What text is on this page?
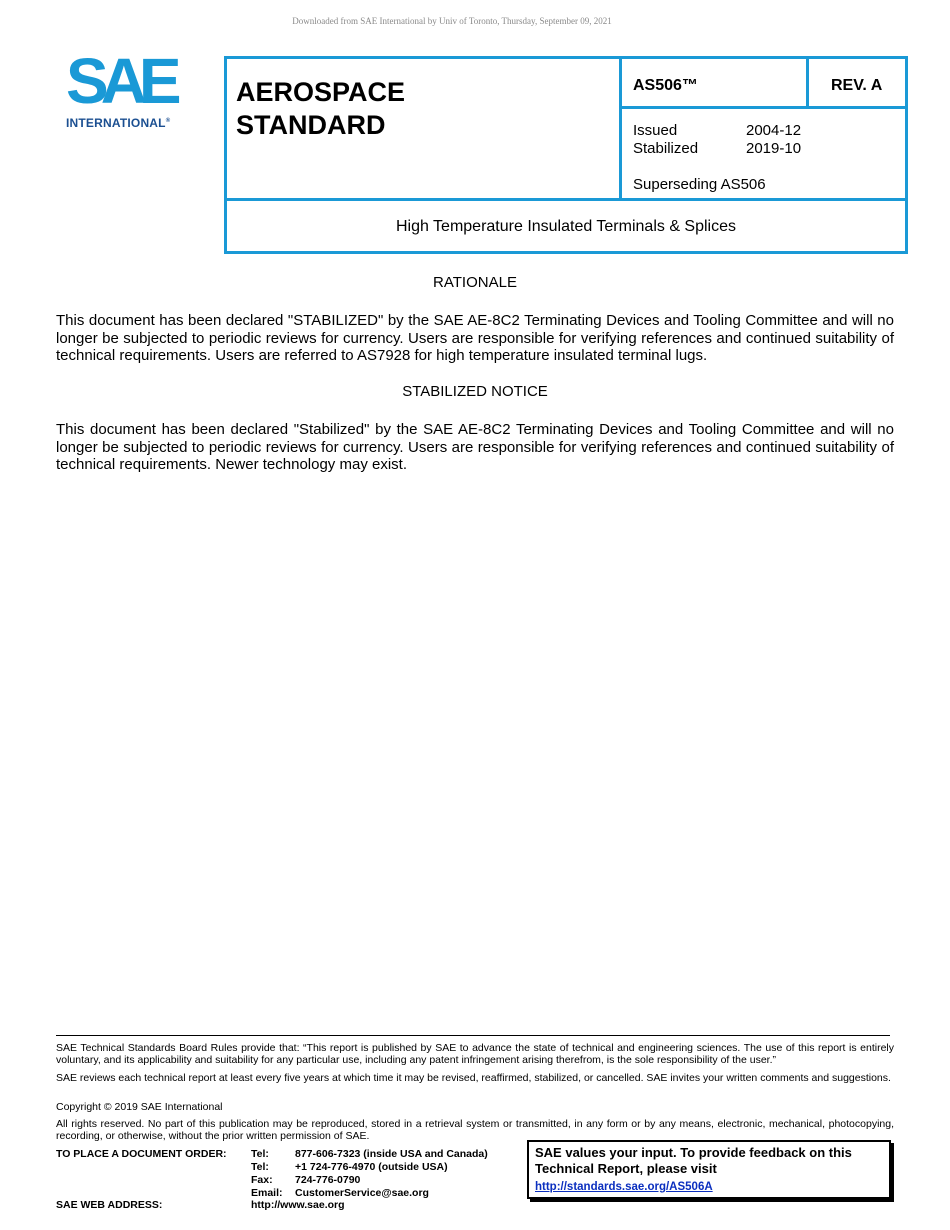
Downloaded from SAE International by Univ of Toronto, Thursday, September 09, 2021
SAE
INTERNATIONAL®
AEROSPACE
STANDARD
AS506™	REV. A
Issued	2004-12
Stabilized	2019-10
Superseding AS506
High Temperature Insulated Terminals & Splices
RATIONALE
This document has been declared "STABILIZED" by the SAE AE-8C2 Terminating Devices and Tooling Committee and will no longer be subjected to periodic reviews for currency. Users are responsible for verifying references and continued suitability of technical requirements. Users are referred to AS7928 for high temperature insulated terminal lugs.
STABILIZED NOTICE
This document has been declared "Stabilized" by the SAE AE-8C2 Terminating Devices and Tooling Committee and will no longer be subjected to periodic reviews for currency. Users are responsible for verifying references and continued suitability of technical requirements. Newer technology may exist.
SAE Technical Standards Board Rules provide that: “This report is published by SAE to advance the state of technical and engineering sciences. The use of this report is entirely voluntary, and its applicability and suitability for any particular use, including any patent infringement arising therefrom, is the sole responsibility of the user.”
SAE reviews each technical report at least every five years at which time it may be revised, reaffirmed, stabilized, or cancelled. SAE invites your written comments and suggestions.
Copyright © 2019 SAE International
All rights reserved. No part of this publication may be reproduced, stored in a retrieval system or transmitted, in any form or by any means, electronic, mechanical, photocopying, recording, or otherwise, without the prior written permission of SAE.
TO PLACE A DOCUMENT ORDER: Tel: 877-606-7323 (inside USA and Canada)
Tel: +1 724-776-4970 (outside USA)
Fax: 724-776-0790
Email: CustomerService@sae.org
SAE WEB ADDRESS:	http://www.sae.org
SAE values your input. To provide feedback on this Technical Report, please visit
http://standards.sae.org/AS506A
